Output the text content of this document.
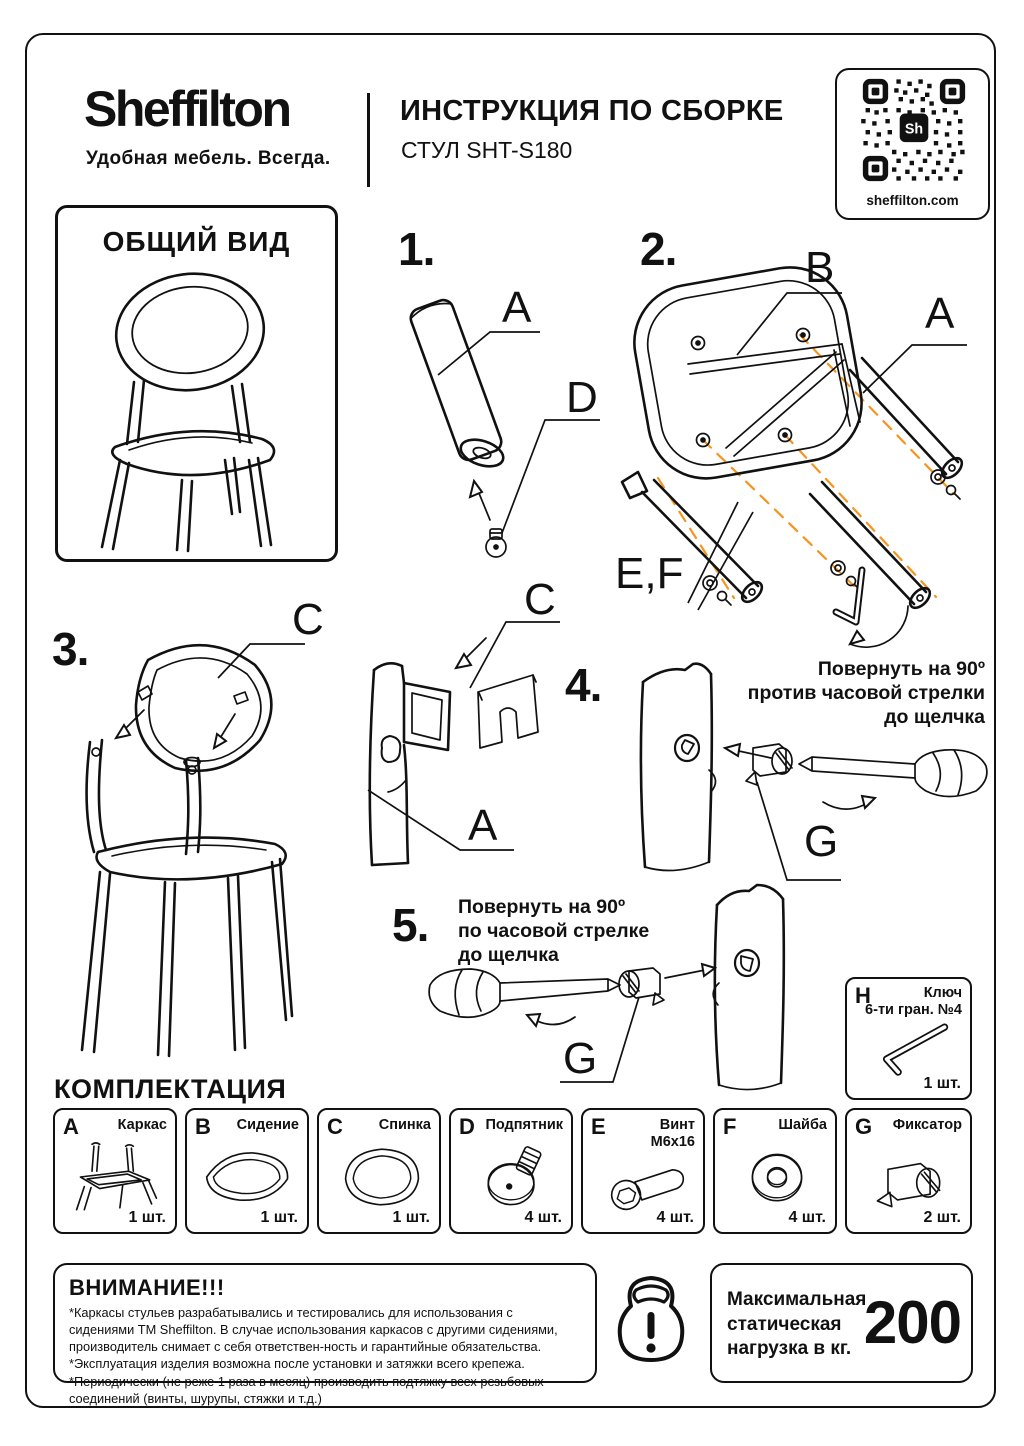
Sheffilton
Удобная мебель. Всегда.
ИНСТРУКЦИЯ ПО СБОРКЕ
СТУЛ SHT-S180
Sh
sheffilton.com
ОБЩИЙ ВИД	1.
A
D
2.	B
A
E,F
3.
C	C
A
4.	Повернуть на 90º
против часовой стрелки
до щелчка
G
5. Повернуть на 90º
по часовой стрелке
до щелчка
G
H	Ключ
6-ти гран. №4
1 шт.
КОМПЛЕКТАЦИЯ
A	Каркас
1 шт.
B Сидение
1 шт.
C Спинка
1 шт.
D Подпятник
4 шт.
E	Винт
М6х16
4 шт.
F	Шайба
4 шт.
G Фиксатор
2 шт.
ВНИМАНИЕ!!!
*Каркасы стульев разрабатывались и тестировались для использования с сидениями ТМ Sheffilton. В случае использования каркасов с другими сидениями, производитель снимает с себя ответствен-ность и гарантийные обязательства.
*Эксплуатация изделия возможна после установки и затяжки всего крепежа.
*Периодически (не реже 1 раза в месяц) производить подтяжку всех резьбовых соединений (винты, шурупы, стяжки и т.д.)
Максимальная
статическая
нагрузка в кг. 200
